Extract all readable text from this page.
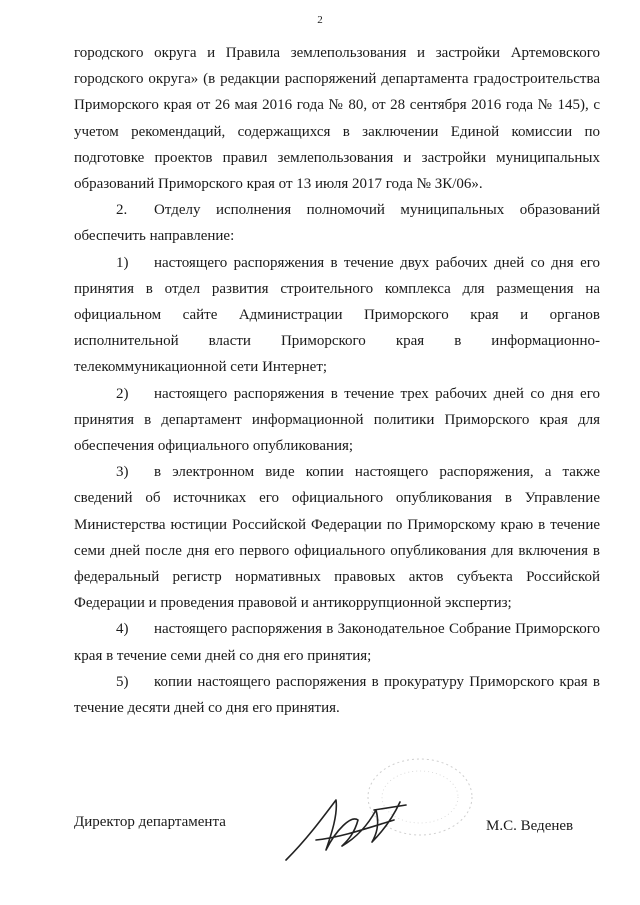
2

городского округа и Правила землепользования и застройки Артемовского городского округа» (в редакции распоряжений департамента градостроительства Приморского края от 26 мая 2016 года № 80, от 28 сентября 2016 года № 145), с учетом рекомендаций, содержащихся в заключении Единой комиссии по подготовке проектов правил землепользования и застройки муниципальных образований Приморского края от 13 июля 2017 года № ЗК/06».

2. Отделу исполнения полномочий муниципальных образований обеспечить направление:

1) настоящего распоряжения в течение двух рабочих дней со дня его принятия в отдел развития строительного комплекса для размещения на официальном сайте Администрации Приморского края и органов исполнительной власти Приморского края в информационно-телекоммуникационной сети Интернет;

2) настоящего распоряжения в течение трех рабочих дней со дня его принятия в департамент информационной политики Приморского края для обеспечения официального опубликования;

3) в электронном виде копии настоящего распоряжения, а также сведений об источниках его официального опубликования в Управление Министерства юстиции Российской Федерации по Приморскому краю в течение семи дней после дня его первого официального опубликования для включения в федеральный регистр нормативных правовых актов субъекта Российской Федерации и проведения правовой и антикоррупционной экспертиз;

4) настоящего распоряжения в Законодательное Собрание Приморского края в течение семи дней со дня его принятия;

5) копии настоящего распоряжения в прокуратуру Приморского края в течение десяти дней со дня его принятия.

Директор департамента	М.С. Веденев
